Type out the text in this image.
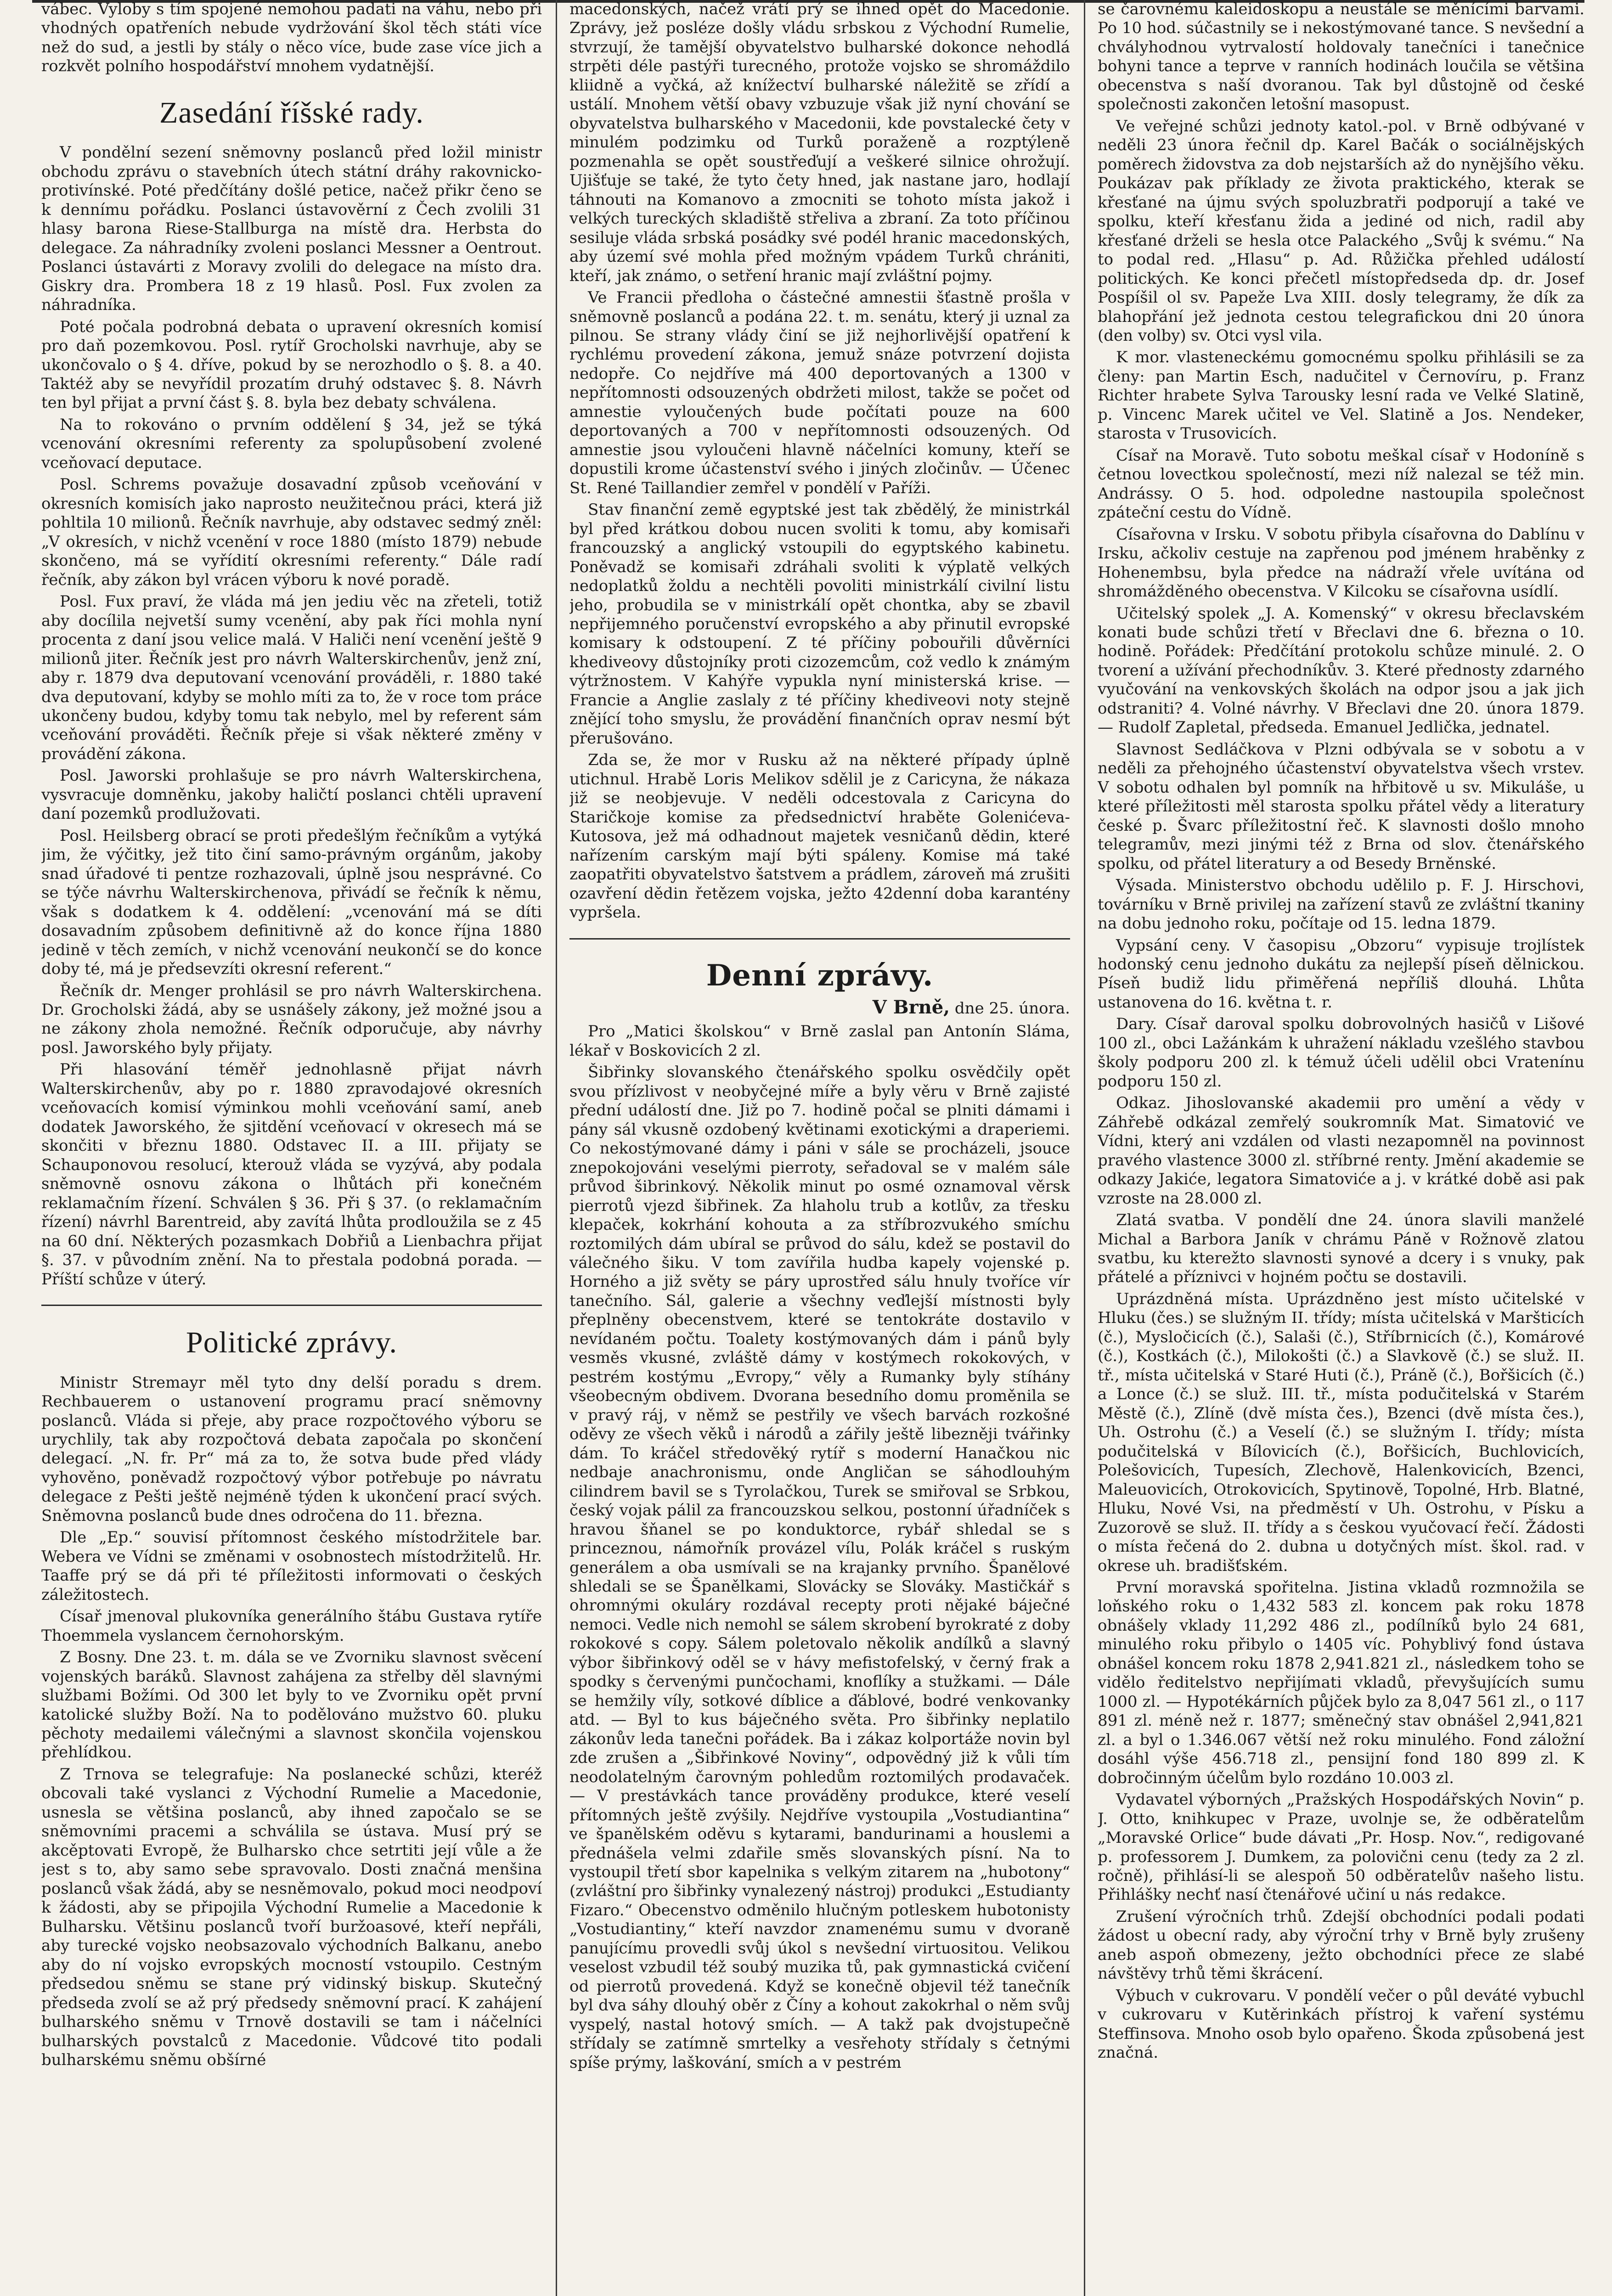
vábec. Vyloby s tím spojené nemohou padati na váhu, nebo při vhodných opatřeních nebude vydržování škol těch státi více než do sud, a jestli by stály o něco více, bude zase více jich a rozkvět polního hospodářství mnohem vydatnější.

Zasedání říšské rady.

V pondělní sezení sněmovny poslanců před ložil ministr obchodu zprávu o stavebních útech státní dráhy rakovnicko-protivínské. Poté předčítány došlé petice, načež přikr čeno se k dennímu pořádku. Poslanci ústavověrní z Čech zvolili 31 hlasy barona Riese-Stallburga na místě dra. Herbsta do delegace. Za náhradníky zvoleni poslanci Messner a Oentrout. Poslanci ústavárti z Moravy zvolili do delegace na místo dra. Giskry dra. Prombera 18 z 19 hlasů. Posl. Fux zvolen za náhradníka.

Poté počala podrobná debata o upravení okresních komisí pro daň pozemkovou. Posl. rytíř Grocholski navrhuje, aby se ukončovalo o § 4. dříve, pokud by se nerozhodlo o §. 8. a 40. Taktéž aby se nevyřídil prozatím druhý odstavec §. 8. Návrh ten byl přijat a první část §. 8. byla bez debaty schválena.

Na to rokováno o prvním oddělení § 34, jež se týká vcenování okresními referenty za spolupůsobení zvolené vceňovací deputace.

Posl. Schrems považuje dosavadní způsob vceňování v okresních komisích jako naprosto neužitečnou práci, která již pohltila 10 milionů. Řečník navrhuje, aby odstavec sedmý zněl: „V okresích, v nichž vcenění v roce 1880 (místo 1879) nebude skončeno, má se vyřídití okresními referenty.“ Dále radí řečník, aby zákon byl vrácen výboru k nové poradě.

Posl. Fux praví, že vláda má jen jediu věc na zřeteli, totiž aby docílila nejvetší sumy vcenění, aby pak říci mohla nyní procenta z daní jsou velice malá. V Haliči není vcenění ještě 9 milionů jiter. Řečník jest pro návrh Walterskirchenův, jenž zní, aby r. 1879 dva deputovaní vcenování prováděli, r. 1880 také dva deputovaní, kdyby se mohlo míti za to, že v roce tom práce ukončeny budou, kdyby tomu tak nebylo, mel by referent sám vceňování prováděti. Řečník přeje si však některé změny v provádění zákona.

Posl. Jaworski prohlašuje se pro návrh Walterskirchena, vysvracuje domněnku, jakoby haličtí poslanci chtěli upravení daní pozemků prodlužovati.

Posl. Heilsberg obrací se proti předešlým řečníkům a vytýká jim, že výčitky, jež tito činí samo-právným orgánům, jakoby snad úřadové ti pentze rozhazovali, úplně jsou nesprávné. Co se týče návrhu Walterskirchenova, přivádí se řečník k němu, však s dodatkem k 4. oddělení: „vcenování má se díti dosavadním způsobem definitivně až do konce října 1880 jedině v těch zemích, v nichž vcenování neukončí se do konce doby té, má je předsevzíti okresní referent.“

Řečník dr. Menger prohlásil se pro návrh Walterskirchena. Dr. Grocholski žádá, aby se usnášely zákony, jež možné jsou a ne zákony zhola nemožné. Řečník odporučuje, aby návrhy posl. Jaworského byly přijaty.

Při hlasování téměř jednohlasně přijat návrh Walterskirchenův, aby po r. 1880 zpravodajové okresních vceňovacích komisí výminkou mohli vceňování samí, aneb dodatek Jaworského, že sjitdění vceňovací v okresech má se skončiti v březnu 1880. Odstavec II. a III. přijaty se Schauponovou resolucí, kterouž vláda se vyzývá, aby podala sněmovně osnovu zákona o lhůtách při konečném reklamačním řízení. Schválen § 36. Při § 37. (o reklamačním řízení) návrhl Barentreid, aby zavítá lhůta prodloužila se z 45 na 60 dní. Některých pozasmkach Dobřiů a Lienbachra přijat §. 37. v původním znění. Na to přestala podobná porada. — Příští schůze v úterý.

Politické zprávy.

Ministr Stremayr měl tyto dny delší poradu s drem. Rechbauerem o ustanovení programu prací sněmovny poslanců. Vláda si přeje, aby prace rozpočtového výboru se urychlily, tak aby rozpočtová debata započala po skončení delegací. „N. fr. Pr“ má za to, že sotva bude před vlády vyhověno, poněvadž rozpočtový výbor potřebuje po návratu delegace z Pešti ještě nejméně týden k ukončení prací svých. Sněmovna poslanců bude dnes odročena do 11. března.

Dle „Ep.“ souvisí přítomnost českého místodržitele bar. Webera ve Vídni se změnami v osobnostech místodržitelů. Hr. Taaffe prý se dá při té příležitosti informovati o českých záležitostech.

Císař jmenoval plukovníka generálního štábu Gustava rytíře Thoemmela vyslancem černohorským.

Z Bosny. Dne 23. t. m. dála se ve Zvorniku slavnost svěcení vojenských baráků. Slavnost zahájena za střelby děl slavnými službami Božími. Od 300 let byly to ve Zvorniku opět první katolické služby Boží. Na to podělováno mužstvo 60. pluku pěchoty medailemi válečnými a slavnost skončila vojenskou přehlídkou.

Z Trnova se telegrafuje: Na poslanecké schůzi, kteréž obcovali také vyslanci z Východní Rumelie a Macedonie, usnesla se většina poslanců, aby ihned započalo se se sněmovními pracemi a schválila se ústava. Musí prý se akcěptovati Evropě, že Bulharsko chce setrtiti její vůle a že jest s to, aby samo sebe spravovalo. Dosti značná menšina poslanců však žádá, aby se nesněmovalo, pokud moci neodpoví k žádosti, aby se připojila Východní Rumelie a Macedonie k Bulharsku. Většinu poslanců tvoří buržoasové, kteří nepřáli, aby turecké vojsko neobsazovalo východních Balkanu, anebo aby do ní vojsko evropských mocností vstoupilo. Cestným předsedou sněmu se stane prý vidinský biskup. Skutečný předseda zvolí se až prý předsedy sněmovní prací. K zahájení bulharského sněmu v Trnově dostavili se tam i náčelníci bulharských povstalců z Macedonie. Vůdcové tito podali bulharskému sněmu obšírné

macedonských, načež vrátí prý se ihned opět do Macedonie. Zprávy, jež posléze došly vládu srbskou z Východní Rumelie, stvrzují, že tamější obyvatelstvo bulharské dokonce nehodlá strpěti déle pastýři turecného, protože vojsko se shromáždilo kliidně a vyčká, až knížectví bulharské náležitě se zřídí a ustálí. Mnohem větší obavy vzbuzuje však již nyní chování se obyvatelstva bulharského v Macedonii, kde povstalecké čety v minulém podzimku od Turků poraženě a rozptýleně pozmenahla se opět soustřeďují a veškeré silnice ohrožují. Ujišťuje se také, že tyto čety hned, jak nastane jaro, hodlají táhnouti na Komanovo a zmocniti se tohoto místa jakož i velkých tureckých skladiště střeliva a zbraní. Za toto příčinou sesiluje vláda srbská posádky své podél hranic macedonských, aby území své mohla před možným vpádem Turků chrániti, kteří, jak známo, o setření hranic mají zvláštní pojmy.

Ve Francii předloha o částečné amnestii šťastně prošla v sněmovně poslanců a podána 22. t. m. senátu, který ji uznal za pilnou. Se strany vlády činí se již nejhorlivější opatření k rychlému provedení zákona, jemuž snáze potvrzení dojista nedopře. Co nejdříve má 400 deportovaných a 1300 v nepřítomnosti odsouzených obdržeti milost, takže se počet od amnestie vyloučených bude počítati pouze na 600 deportovaných a 700 v nepřítomnosti odsouzených. Od amnestie jsou vyloučeni hlavně náčelníci komuny, kteří se dopustili krome účastenství svého i jiných zločinův. — Účenec St. René Taillandier zemřel v pondělí v Paříži.

Stav finanční země egyptské jest tak zbědělý, že ministrkál byl před krátkou dobou nucen svoliti k tomu, aby komisaři francouzský a anglický vstoupili do egyptského kabinetu. Poněvadž se komisaři zdráhali svoliti k výplatě velkých nedoplatků žoldu a nechtěli povoliti ministrkálí civilní listu jeho, probudila se v ministrkálí opět chontka, aby se zbavil nepřijemného poručenství evropského a aby přinutil evropské komisary k odstoupení. Z té příčiny pobouřili důvěrníci khediveovy důstojníky proti cizozemcům, což vedlo k známým výtržnostem. V Kahýře vypukla nyní ministerská krise. — Francie a Anglie zaslaly z té příčiny khediveovi noty stejně znějící toho smyslu, že provádění finančních oprav nesmí být přerušováno.

Zda se, že mor v Rusku až na některé případy úplně utichnul. Hrabě Loris Melikov sdělil je z Caricyna, že nákaza již se neobjevuje. V neděli odcestovala z Caricyna do Staričkoje komise za předsednictví hraběte Golenićeva-Kutosova, jež má odhadnout majetek vesničanů dědin, které nařízením carským mají býti spáleny. Komise má také zaopatřiti obyvatelstvo šatstvem a prádlem, zároveň má zrušiti ozavření dědin řetězem vojska, ježto 42denní doba karantény vypršela.

Denní zprávy.
V Brně, dne 25. února.

Pro „Matici školskou“ v Brně zaslal pan Antonín Sláma, lékař v Boskovicích 2 zl.

Šibřinky slovanského čtenářského spolku osvědčily opět svou přízlivost v neobyčejné míře a byly věru v Brně zajisté přední událostí dne. Již po 7. hodině počal se plniti dámami i pány sál vkusně ozdobený květinami exotickými a draperiemi. Co nekostýmované dámy i páni v sále se procházeli, jsouce znepokojováni veselými pierroty, seřadoval se v malém sále průvod šibrinkový. Několik minut po osmé oznamoval věrsk pierrotů vjezd šibřinek. Za hlaholu trub a kotlův, za třesku klepaček, kokrhání kohouta a za stříbrozvukého smíchu roztomilých dám ubíral se průvod do sálu, kdež se postavil do válečného šiku. V tom zavířila hudba kapely vojenské p. Horného a již světy se páry uprostřed sálu hnuly tvoříce vír tanečního. Sál, galerie a všechny veďlejší místnosti byly přeplněny obecenstvem, které se tentokráte dostavilo v nevídaném počtu. Toalety kostýmovaných dám i pánů byly vesměs vkusné, zvláště dámy v kostýmech rokokových, v pestrém kostýmu „Evropy,“ věly a Rumanky byly stíhány všeobecným obdivem. Dvorana besedního domu proměnila se v pravý ráj, v němž se pestřily ve všech barvách rozkošné oděvy ze všech věků i národů a zářily ještě libezněji tvářinky dám. To kráčel středověký rytíř s moderní Hanačkou nic nedbaje anachronismu, onde Angličan se sáhodlouhým cilindrem bavil se s Tyrolačkou, Turek se smiřoval se Srbkou, český vojak pálil za francouzskou selkou, postonní úřadníček s hravou šňanel se po konduktorce, rybář shledal se s princeznou, námořník provázel vílu, Polák kráčel s ruským generálem a oba usmívali se na krajanky prvního. Španělové shledali se se Španělkami, Slovácky se Slováky. Mastičkář s ohromnými okuláry rozdával recepty proti nějaké báječné nemoci. Vedle nich nemohl se sálem skrobení byrokraté z doby rokokové s copy. Sálem poletovalo několik andílků a slavný výbor šibřinkový oděl se v hávy mefistofelský, v černý frak a spodky s červenými punčochami, knoflíky a stužkami. — Dále se hemžily víly, sotkové díblice a ďáblové, bodré venkovanky atd. — Byl to kus báječného světa. Pro šibřinky neplatilo zákonův leda tanečni pořádek. Ba i zákaz kolportáže novin byl zde zrušen a „Šibřinkové Noviny“, odpovědný již k vůli tím neodolatelným čarovným pohledům roztomilých prodavaček. — V prestávkách tance prováděny produkce, které veselí přítomných ještě zvýšily. Nejdříve vystoupila „Vostudiantina“ ve španělském oděvu s kytarami, bandurinami a houslemi a přednášela velmi zdařile směs slovanských písní. Na to vystoupil třetí sbor kapelnika s velkým zitarem na „hubotony“ (zvláštní pro šibřinky vynalezený nástroj) produkci „Estudianty Fizaro.“ Obecenstvo odměnilo hlučným potleskem hubotonisty „Vostudiantiny,“ kteří navzdor znamenému sumu v dvoraně panujícímu provedli svůj úkol s nevšední virtuositou. Velikou veselost vzbudil též soubý muzika tů, pak gymnastická cvičení od pierrotů provedená. Když se konečně objevil též tanečník byl dva sáhy dlouhý oběr z Číny a kohout zakokrhal o něm svůj vyspelý, nastal hotový smích. — A takž pak dvojstupečně střídaly se zatímně smrtelky a vesřehoty střídaly s četnými spíše prýmy, laškování, smích a v pestrém

se čarovnému kaleidoskopu a neustále se měnícími barvami. Po 10 hod. súčastnily se i nekostýmované tance. S nevšední a chvályhodnou vytrvalostí holdovaly tanečníci i tanečnice bohyni tance a teprve v ranních hodinách loučila se většina obecenstva s naší dvoranou. Tak byl důstojně od české společnosti zakončen letošní masopust.

Ve veřejné schůzi jednoty katol.-pol. v Brně odbývané v neděli 23 února řečnil dp. Karel Bačák o sociálnějských poměrech židovstva za dob nejstarších až do nynějšího věku. Poukázav pak příklady ze života praktického, kterak se křesťané na újmu svých spoluzbratři podporují a také ve spolku, kteří křesťanu žida a jediné od nich, radil aby křesťané drželi se hesla otce Palackého „Svůj k svému.“ Na to podal red. „Hlasu“ p. Ad. Růžička přehled událostí politických. Ke konci přečetl místopředseda dp. dr. Josef Pospíšil ol sv. Papeže Lva XIII. dosly telegramy, že dík za blahopřání jež jednota cestou telegrafickou dni 20 února (den volby) sv. Otci vysl vila.

K mor. vlasteneckému gomocnému spolku přihlásili se za členy: pan Martin Esch, nadučitel v Černovíru, p. Franz Richter hrabete Sylva Tarousky lesní rada ve Velké Slatině, p. Vincenc Marek učitel ve Vel. Slatině a Jos. Nendeker, starosta v Trusovicích.

Císař na Moravě. Tuto sobotu meškal císař v Hodoníně s četnou lovectkou společností, mezi níž nalezal se též min. Andrássy. O 5. hod. odpoledne nastoupila společnost zpáteční cestu do Vídně.

Císařovna v Irsku. V sobotu přibyla císařovna do Dablínu v Irsku, ačkoliv cestuje na zapřenou pod jménem hraběnky z Hohenembsu, byla předce na nádraží vřele uvítána od shromážděného obecenstva. V Kilcoku se císařovna usídlí.

Učitelský spolek „J. A. Komenský“ v okresu břeclavském konati bude schůzi třetí v Břeclavi dne 6. března o 10. hodině. Pořádek: Předčítání protokolu schůze minulé. 2. O tvorení a užívání přechodníkův. 3. Které přednosty zdarného vyučování na venkovských školách na odpor jsou a jak jich odstraniti? 4. Volné návrhy. V Břeclavi dne 20. února 1879. — Rudolf Zapletal, předseda. Emanuel Jedlička, jednatel.

Slavnost Sedláčkova v Plzni odbývala se v sobotu a v neděli za přehojného účastenství obyvatelstva všech vrstev. V sobotu odhalen byl pomník na hřbitově u sv. Mikuláše, u které příležitosti měl starosta spolku přátel vědy a literatury české p. Švarc příležitostní řeč. K slavnosti došlo mnoho telegramův, mezi jinými též z Brna od slov. čtenářského spolku, od přátel literatury a od Besedy Brněnské.

Výsada. Ministerstvo obchodu udělilo p. F. J. Hirschovi, továrníku v Brně privilej na zařízení stavů ze zvláštní tkaniny na dobu jednoho roku, počítaje od 15. ledna 1879.

Vypsání ceny. V časopisu „Obzoru“ vypisuje trojlístek hodonský cenu jednoho dukátu za nejlepší píseň dělnickou. Píseň budiž lidu přiměřená nepříliš dlouhá. Lhůta ustanovena do 16. května t. r.

Dary. Císař daroval spolku dobrovolných hasičů v Lišové 100 zl., obci Lažánkám k uhražení nákladu vzešlého stavbou školy podporu 200 zl. k témuž účeli udělil obci Vratenínu podporu 150 zl.

Odkaz. Jihoslovanské akademii pro umění a vědy v Záhřebě odkázal zemřelý soukromník Mat. Simatović ve Vídni, který ani vzdálen od vlasti nezapomněl na povinnost pravého vlastence 3000 zl. stříbrné renty. Jmění akademie se odkazy Jakiće, legatora Simatoviće a j. v krátké době asi pak vzroste na 28.000 zl.

Zlatá svatba. V pondělí dne 24. února slavili manželé Michal a Barbora Janík v chrámu Páně v Rožnově zlatou svatbu, ku kterežto slavnosti synové a dcery i s vnuky, pak přátelé a příznivci v hojném počtu se dostavili.

Uprázdněná místa. Uprázdněno jest místo učitelské v Hluku (čes.) se služným II. třídy; místa učitelská v Maršticích (č.), Mysločicích (č.), Salaši (č.), Stříbrnicích (č.), Komárové (č.), Kostkách (č.), Milokošti (č.) a Slavkově (č.) se služ. II. tř., místa učitelská v Staré Huti (č.), Práně (č.), Bořšicích (č.) a Lonce (č.) se služ. III. tř., místa podučitelská v Starém Městě (č.), Zlíně (dvě místa čes.), Bzenci (dvě místa čes.), Uh. Ostrohu (č.) a Veselí (č.) se služným I. třídy; místa podučitelská v Bílovicích (č.), Bořšicích, Buchlovicích, Polešovicích, Tupesích, Zlechově, Halenkovicích, Bzenci, Maleuovicích, Otrokovicích, Spytinově, Topolné, Hrb. Blatné, Hluku, Nové Vsi, na předměstí v Uh. Ostrohu, v Písku a Zuzorově se služ. II. třídy a s českou vyučovací řečí. Žádosti o místa řečená do 2. dubna u dotyčných míst. škol. rad. v okrese uh. bradišťském.

První moravská spořitelna. Jistina vkladů rozmnožila se loňského roku o 1,432 583 zl. koncem pak roku 1878 obnášely vklady 11,292 486 zl., podílníků bylo 24 681, minulého roku přibylo o 1405 víc. Pohyblivý fond ústava obnášel koncem roku 1878 2,941.821 zl., následkem toho se vidělo ředitelstvo nepřijímati vkladů, převyšujících sumu 1000 zl. — Hypotékárních půjček bylo za 8,047 561 zl., o 117 891 zl. méně než r. 1877; směnečný stav obnášel 2,941,821 zl. a byl o 1.346.067 větší než roku minulého. Fond záložní dosáhl výše 456.718 zl., pensijní fond 180 899 zl. K dobročinným účelům bylo rozdáno 10.003 zl.

Vydavatel výborných „Pražských Hospodářských Novin“ p. J. Otto, knihkupec v Praze, uvolnje se, že odběratelům „Moravské Orlice“ bude dávati „Pr. Hosp. Nov.“, redigované p. professorem J. Dumkem, za polovični cenu (tedy za 2 zl. ročně), přihlásí-li se alespoň 50 odběratelův našeho listu. Přihlášky nechť nasí čtenářové učiní u nás redakce.

Zrušení výročních trhů. Zdejší obchodníci podali podati žádost u obecní rady, aby výroční trhy v Brně byly zrušeny aneb aspoň obmezeny, ježto obchodníci přece ze slabé návštěvy trhů těmi škrácení.

Výbuch v cukrovaru. V pondělí večer o půl deváté vybuchl v cukrovaru v Kutěrinkách přístroj k vaření systému Steffinsova. Mnoho osob bylo opařeno. Škoda způsobená jest značná.
